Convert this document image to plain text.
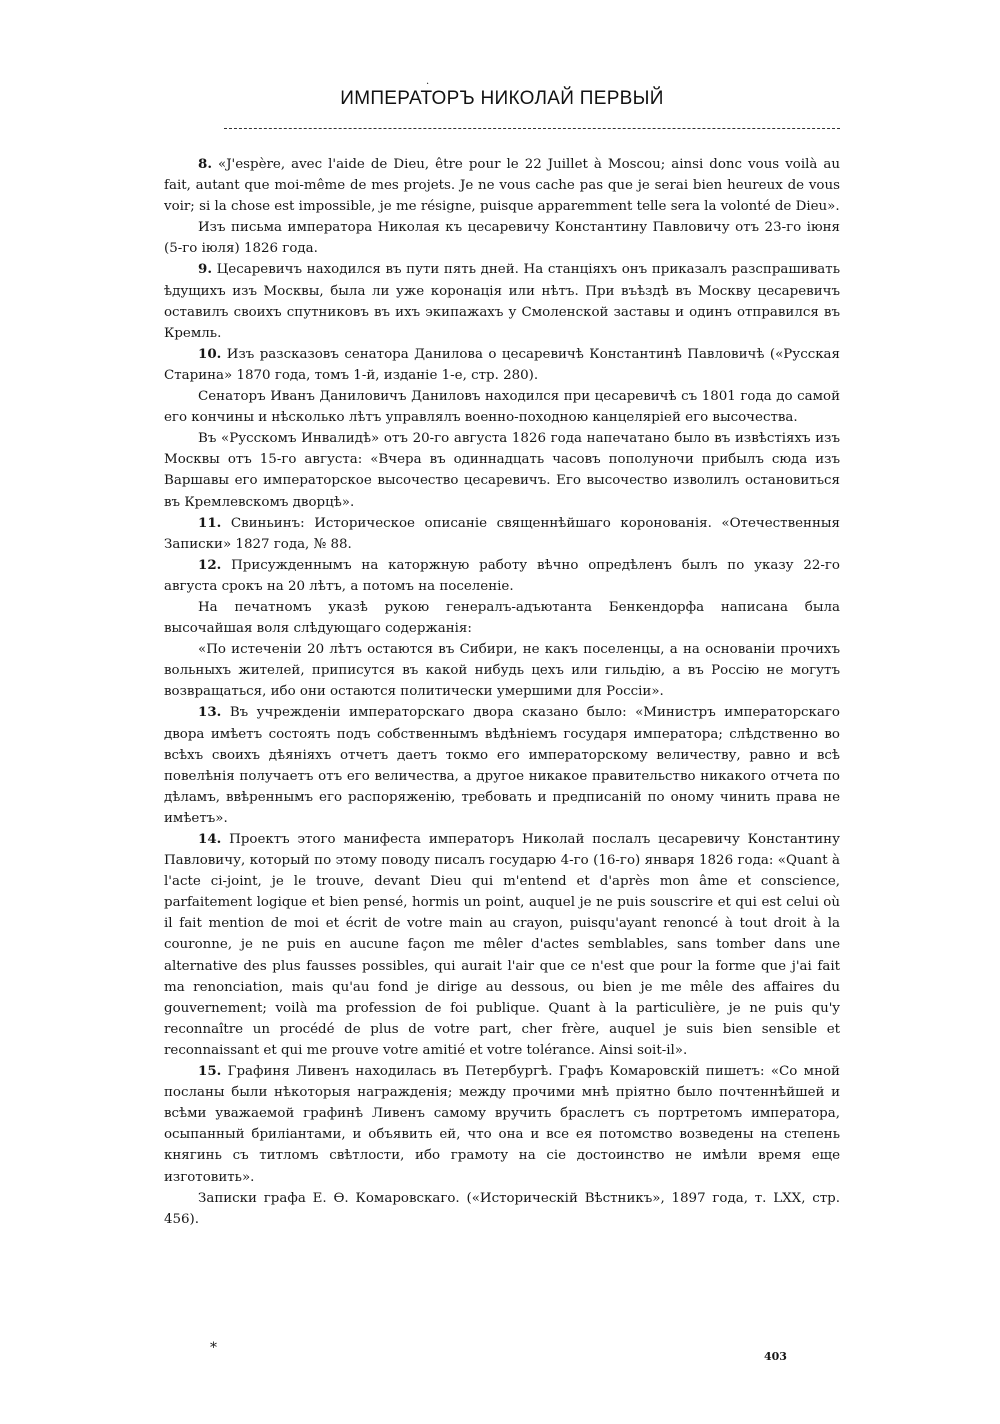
.
ИМПЕРАТОРЪ НИКОЛАЙ ПЕРВЫЙ

8. «J'espère, avec l'aide de Dieu, être pour le 22 Juillet à Moscou; ainsi donc vous voilà au fait, autant que moi-même de mes projets. Je ne vous cache pas que je serai bien heureux de vous voir; si la chose est impossible, je me résigne, puisque apparemment telle sera la volonté de Dieu».

Изъ письма императора Николая къ цесаревичу Константину Павловичу отъ 23-го іюня (5-го іюля) 1826 года.

9. Цесаревичъ находился въ пути пять дней. На станціяхъ онъ приказалъ разспрашивать ѣдущихъ изъ Москвы, была ли уже коронація или нѣтъ. При въѣздѣ въ Москву цесаревичъ оставилъ своихъ спутниковъ въ ихъ экипажахъ у Смоленской заставы и одинъ отправился въ Кремль.

10. Изъ разсказовъ сенатора Данилова о цесаревичѣ Константинѣ Павловичѣ («Русская Старина» 1870 года, томъ 1-й, изданіе 1-е, стр. 280).

Сенаторъ Иванъ Даниловичъ Даниловъ находился при цесаревичѣ съ 1801 года до самой его кончины и нѣсколько лѣтъ управлялъ военно-походною канцеляріей его высочества.

Въ «Русскомъ Инвалидѣ» отъ 20-го августа 1826 года напечатано было въ извѣстіяхъ изъ Москвы отъ 15-го августа: «Вчера въ одиннадцать часовъ пополуночи прибылъ сюда изъ Варшавы его императорское высочество цесаревичъ. Его высочество изволилъ остановиться въ Кремлевскомъ дворцѣ».

11. Свиньинъ: Историческое описаніе священнѣйшаго коронованія. «Отечественныя Записки» 1827 года, № 88.

12. Присужденнымъ на каторжную работу вѣчно опредѣленъ былъ по указу 22-го августа срокъ на 20 лѣтъ, а потомъ на поселеніе.

На печатномъ указѣ рукою генералъ-адъютанта Бенкендорфа написана была высочайшая воля слѣдующаго содержанія:

«По истеченіи 20 лѣтъ остаются въ Сибири, не какъ поселенцы, а на основаніи прочихъ вольныхъ жителей, приписутся въ какой нибудь цехъ или гильдію, а въ Россію не могутъ возвращаться, ибо они остаются политически умершими для Россіи».

13. Въ учрежденіи императорскаго двора сказано было: «Министръ императорскаго двора имѣетъ состоять подъ собственнымъ вѣдѣніемъ государя императора; слѣдственно во всѣхъ своихъ дѣяніяхъ отчетъ даетъ токмо его императорскому величеству, равно и всѣ повелѣнія получаетъ отъ его величества, а другое никакое правительство никакого отчета по дѣламъ, ввѣреннымъ его распоряженію, требовать и предписаній по оному чинить права не имѣетъ».

14. Проектъ этого манифеста императоръ Николай послалъ цесаревичу Константину Павловичу, который по этому поводу писалъ государю 4-го (16-го) января 1826 года: «Quant à l'acte ci-joint, je le trouve, devant Dieu qui m'entend et d'après mon âme et conscience, parfaitement logique et bien pensé, hormis un point, auquel je ne puis souscrire et qui est celui où il fait mention de moi et écrit de votre main au crayon, puisqu'ayant renoncé à tout droit à la couronne, je ne puis en aucune façon me mêler d'actes semblables, sans tomber dans une alternative des plus fausses possibles, qui aurait l'air que ce n'est que pour la forme que j'ai fait ma renonciation, mais qu'au fond je dirige au dessous, ou bien je me mêle des affaires du gouvernement; voilà ma profession de foi publique. Quant à la particulière, je ne puis qu'y reconnaître un procédé de plus de votre part, cher frère, auquel je suis bien sensible et reconnaissant et qui me prouve votre amitié et votre tolérance. Ainsi soit-il».

15. Графиня Ливенъ находилась въ Петербургѣ. Графъ Комаровскій пишетъ: «Со мной посланы были нѣкоторыя награжденія; между прочими мнѣ пріятно было почтеннѣйшей и всѣми уважаемой графинѣ Ливенъ самому вручить браслетъ съ портретомъ императора, осыпанный бриліантами, и объявить ей, что она и все ея потомство возведены на степень княгинь съ титломъ свѣтлости, ибо грамоту на сіе достоинство не имѣли время еще изготовить».

Записки графа Е. Ѳ. Комаровскаго. («Историческій Вѣстникъ», 1897 года, т. LXX, стр. 456).

*
403
